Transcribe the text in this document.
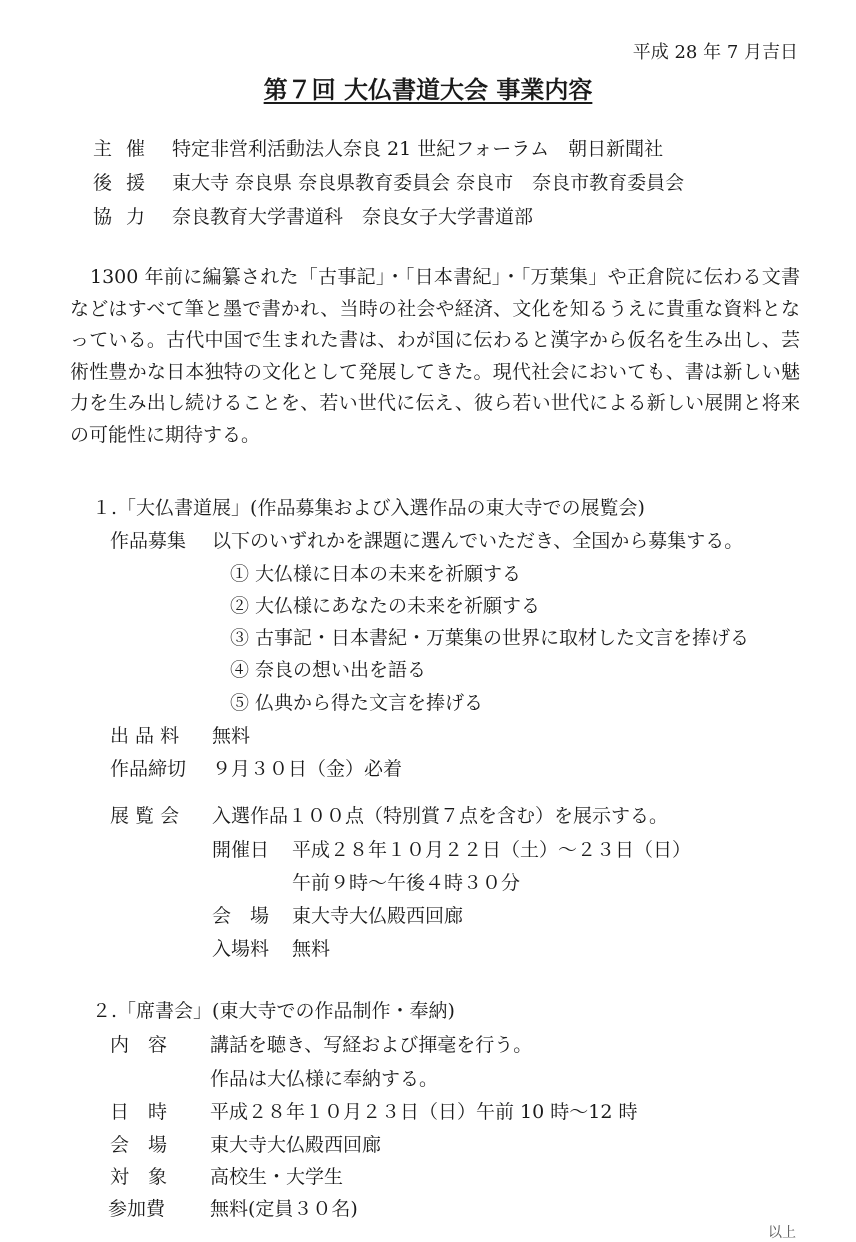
平成 28 年 7 月吉日
第７回 大仏書道大会 事業内容
主催 特定非営利活動法人奈良 21 世紀フォーラム　朝日新聞社
後援 東大寺 奈良県 奈良県教育委員会 奈良市　奈良市教育委員会
協力 奈良教育大学書道科　奈良女子大学書道部

1300 年前に編纂された「古事記」・「日本書紀」・「万葉集」や正倉院に伝わる文書などはすべて筆と墨で書かれ、当時の社会や経済、文化を知るうえに貴重な資料となっている。古代中国で生まれた書は、わが国に伝わると漢字から仮名を生み出し、芸術性豊かな日本独特の文化として発展してきた。現代社会においても、書は新しい魅力を生み出し続けることを、若い世代に伝え、彼ら若い世代による新しい展開と将来の可能性に期待する。

１.「大仏書道展」(作品募集および入選作品の東大寺での展覧会)
作品募集 以下のいずれかを課題に選んでいただき、全国から募集する。
① 大仏様に日本の未来を祈願する
② 大仏様にあなたの未来を祈願する
③ 古事記・日本書紀・万葉集の世界に取材した文言を捧げる
④ 奈良の想い出を語る
⑤ 仏典から得た文言を捧げる
出 品 料 無料
作品締切 ９月３０日（金）必着
展 覧 会 入選作品１００点（特別賞７点を含む）を展示する。
開催日 平成２８年１０月２２日（土）～２３日（日）
午前９時～午後４時３０分
会　場 東大寺大仏殿西回廊
入場料 無料
２.「席書会」(東大寺での作品制作・奉納)
内　容 講話を聴き、写経および揮毫を行う。
作品は大仏様に奉納する。
日　時 平成２８年１０月２３日（日）午前 10 時～12 時
会　場 東大寺大仏殿西回廊
対　象 高校生・大学生
参加費 無料(定員３０名)
以上
